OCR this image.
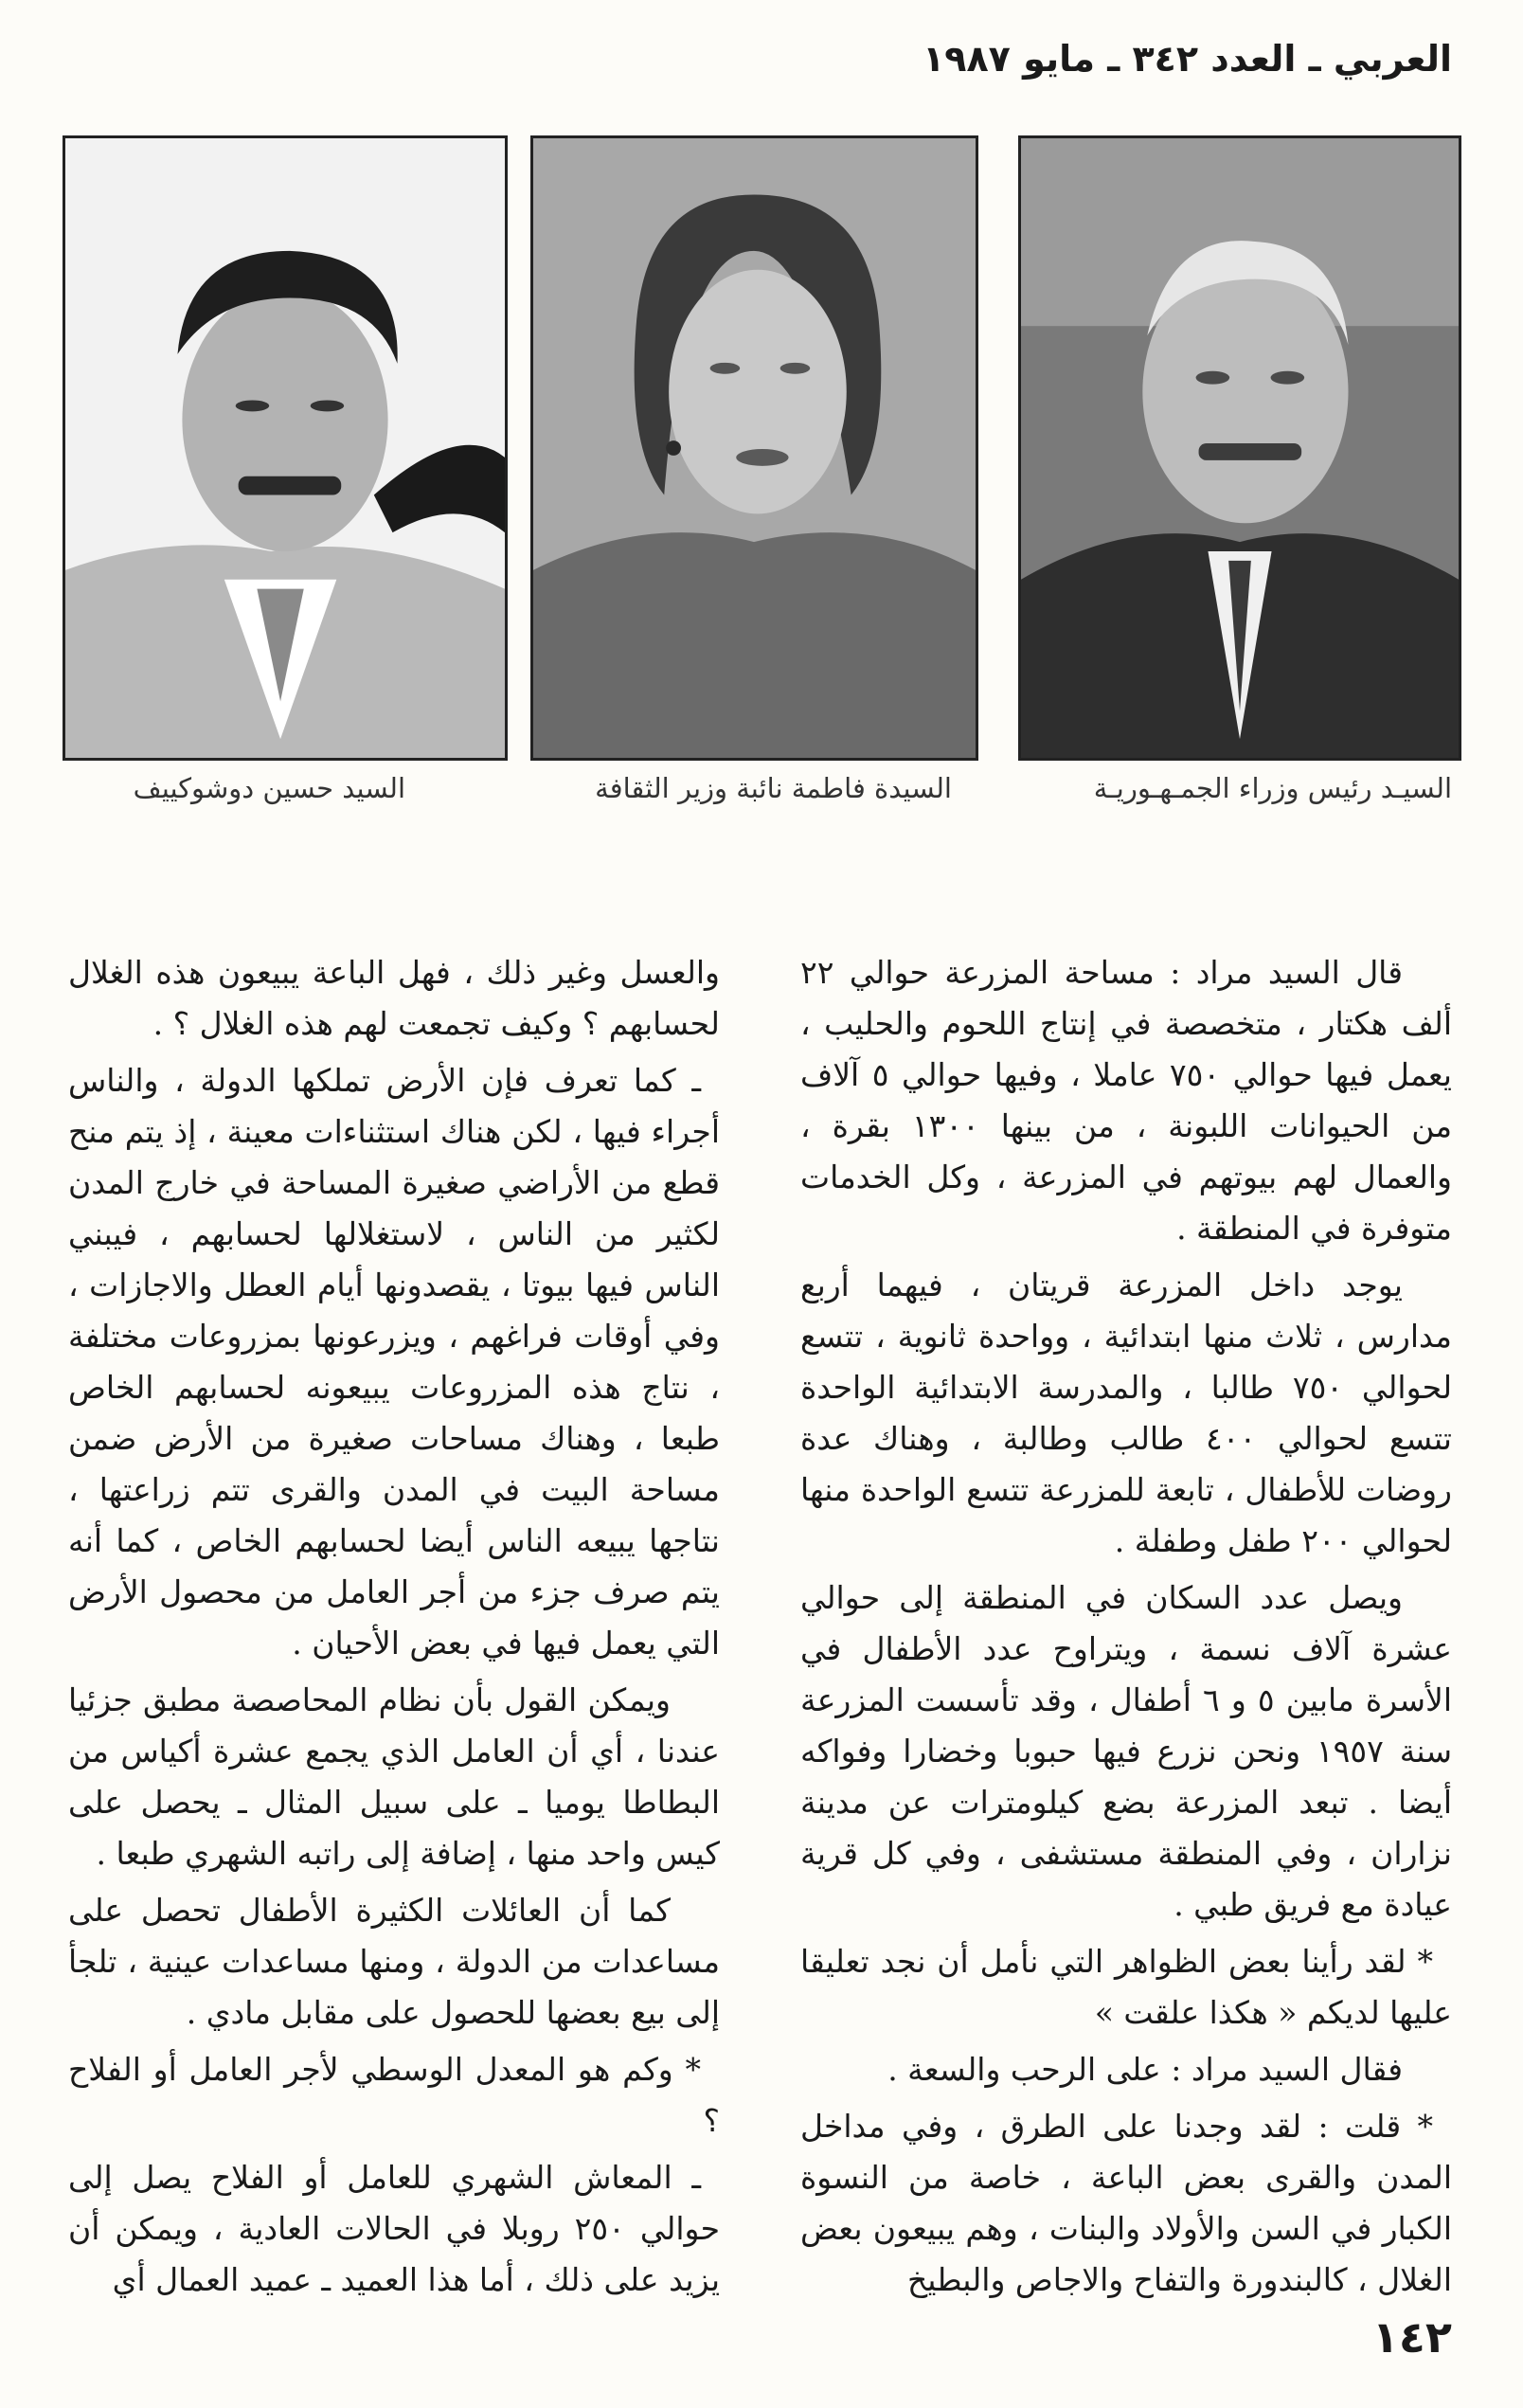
العربي ـ العدد ٣٤٢ ـ مايو ١٩٨٧
السيـد رئيس وزراء الجمـهـوريـة
السيدة فاطمة نائبة وزير الثقافة
السيد حسين دوشوكييف

قال السيد مراد : مساحة المزرعة حوالي ٢٢ ألف هكتار ، متخصصة في إنتاج اللحوم والحليب ، يعمل فيها حوالي ٧٥٠ عاملا ، وفيها حوالي ٥ آلاف من الحيوانات اللبونة ، من بينها ١٣٠٠ بقرة ، والعمال لهم بيوتهم في المزرعة ، وكل الخدمات متوفرة في المنطقة .

يوجد داخل المزرعة قريتان ، فيهما أربع مدارس ، ثلاث منها ابتدائية ، وواحدة ثانوية ، تتسع لحوالي ٧٥٠ طالبا ، والمدرسة الابتدائية الواحدة تتسع لحوالي ٤٠٠ طالب وطالبة ، وهناك عدة روضات للأطفال ، تابعة للمزرعة تتسع الواحدة منها لحوالي ٢٠٠ طفل وطفلة .

ويصل عدد السكان في المنطقة إلى حوالي عشرة آلاف نسمة ، ويتراوح عدد الأطفال في الأسرة مابين ٥ و ٦ أطفال ، وقد تأسست المزرعة سنة ١٩٥٧ ونحن نزرع فيها حبوبا وخضارا وفواكه أيضا . تبعد المزرعة بضع كيلومترات عن مدينة نزاران ، وفي المنطقة مستشفى ، وفي كل قرية عيادة مع فريق طبي .

* لقد رأينا بعض الظواهر التي نأمل أن نجد تعليقا عليها لديكم « هكذا علقت »

فقال السيد مراد : على الرحب والسعة .

* قلت : لقد وجدنا على الطرق ، وفي مداخل المدن والقرى بعض الباعة ، خاصة من النسوة الكبار في السن والأولاد والبنات ، وهم يبيعون بعض الغلال ، كالبندورة والتفاح والاجاص والبطيخ

والعسل وغير ذلك ، فهل الباعة يبيعون هذه الغلال لحسابهم ؟ وكيف تجمعت لهم هذه الغلال ؟ .

ـ كما تعرف فإن الأرض تملكها الدولة ، والناس أجراء فيها ، لكن هناك استثناءات معينة ، إذ يتم منح قطع من الأراضي صغيرة المساحة في خارج المدن لكثير من الناس ، لاستغلالها لحسابهم ، فيبني الناس فيها بيوتا ، يقصدونها أيام العطل والاجازات ، وفي أوقات فراغهم ، ويزرعونها بمزروعات مختلفة ، نتاج هذه المزروعات يبيعونه لحسابهم الخاص طبعا ، وهناك مساحات صغيرة من الأرض ضمن مساحة البيت في المدن والقرى تتم زراعتها ، نتاجها يبيعه الناس أيضا لحسابهم الخاص ، كما أنه يتم صرف جزء من أجر العامل من محصول الأرض التي يعمل فيها في بعض الأحيان .

ويمكن القول بأن نظام المحاصصة مطبق جزئيا عندنا ، أي أن العامل الذي يجمع عشرة أكياس من البطاطا يوميا ـ على سبيل المثال ـ يحصل على كيس واحد منها ، إضافة إلى راتبه الشهري طبعا .

كما أن العائلات الكثيرة الأطفال تحصل على مساعدات من الدولة ، ومنها مساعدات عينية ، تلجأ إلى بيع بعضها للحصول على مقابل مادي .

* وكم هو المعدل الوسطي لأجر العامل أو الفلاح ؟

ـ المعاش الشهري للعامل أو الفلاح يصل إلى حوالي ٢٥٠ روبلا في الحالات العادية ، ويمكن أن يزيد على ذلك ، أما هذا العميد ـ عميد العمال أي

١٤٢
